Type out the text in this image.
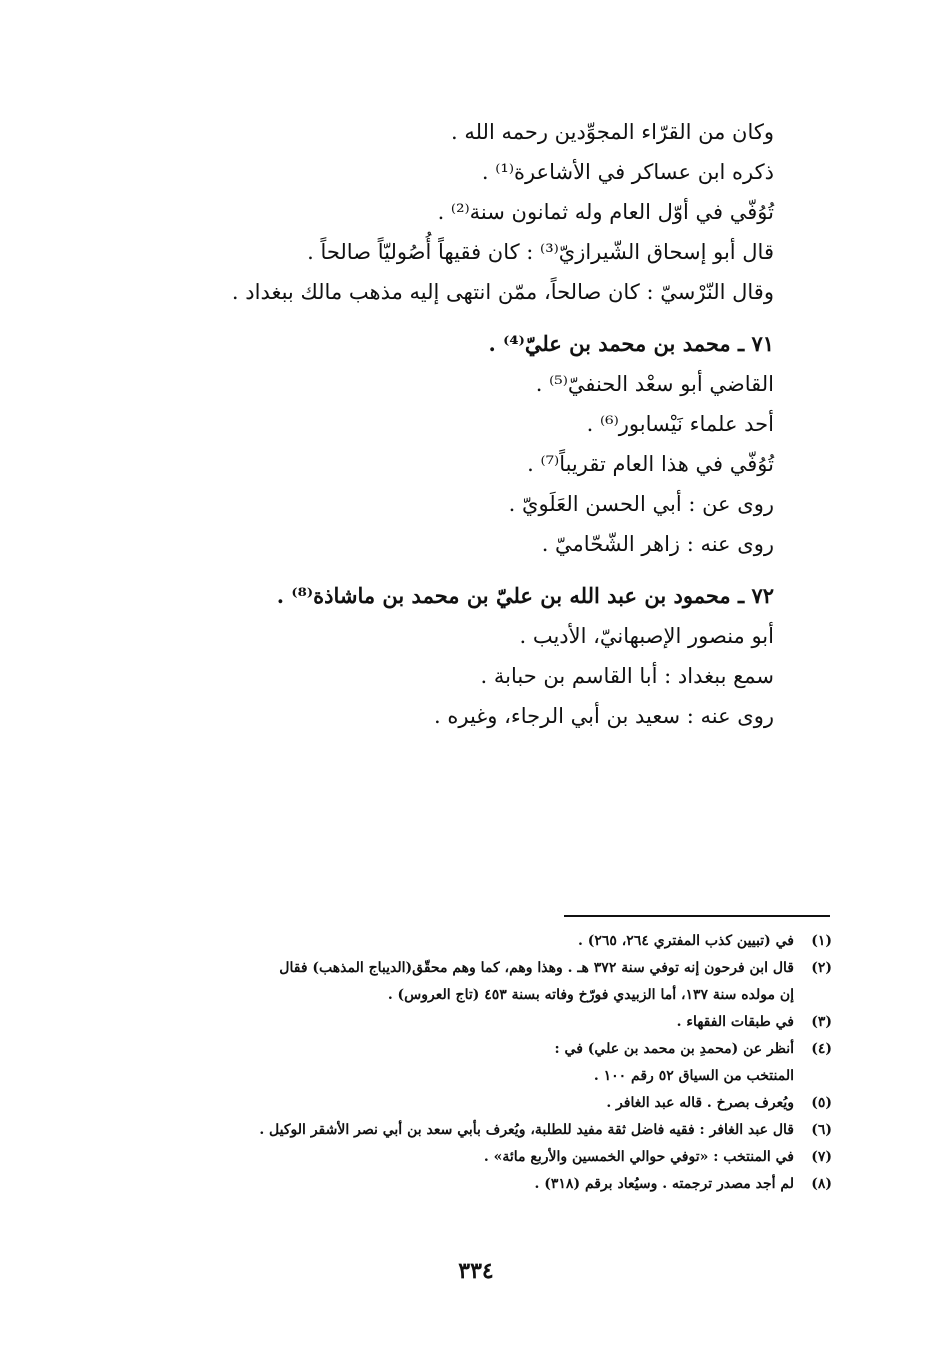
وكان من القرّاء المجوِّدين رحمه الله .
ذكره ابن عساكر في الأشاعرة⁽¹⁾ .
تُوُفّي في أوّل العام وله ثمانون سنة⁽²⁾ .
قال أبو إسحاق الشّيرازيّ⁽³⁾ : كان فقيهاً أُصُوليّاً صالحاً .
وقال النّرْسيّ : كان صالحاً، ممّن انتهى إليه مذهب مالك ببغداد .
٧١ ـ محمد بن محمد بن عليّ⁽⁴⁾ .
القاضي أبو سعْد الحنفيّ⁽⁵⁾ .
أحد علماء نَيْسابور⁽⁶⁾ .
تُوُفّي في هذا العام تقريباً⁽⁷⁾ .
روى عن : أبي الحسن العَلَويّ .
روى عنه : زاهر الشّحّاميّ .
٧٢ ـ محمود بن عبد الله بن عليّ بن محمد بن ماشاذة⁽⁸⁾ .
أبو منصور الإصبهانيّ، الأديب .
سمع ببغداد : أبا القاسم بن حبابة .
روى عنه : سعيد بن أبي الرجاء، وغيره .
(١)
في (تبيين كذب المفتري ٢٦٤، ٢٦٥) .
(٢)
قال ابن فرحون إنه توفي سنة ٣٧٢ هـ . وهذا وهم، كما وهم محقّق(الديباج المذهب) فقال
إن مولده سنة ١٣٧، أما الزبيدي فورّخ وفاته بسنة ٤٥٣ (تاج العروس) .
(٣)
في طبقات الفقهاء .
(٤)
أنظر عن (محمدِ بن محمد بن علي) في :
المنتخب من السياق ٥٢ رقم ١٠٠ .
(٥)
ويُعرف بصرخ . قاله عبد الغافر .
(٦)
قال عبد الغافر : فقيه فاضل ثقة مفيد للطلبة، ويُعرف بأبي سعد بن أبي نصر الأشقر الوكيل .
(٧)
في المنتخب : «توفي حوالي الخمسين والأربع مائة» .
(٨)
لم أجد مصدر ترجمته . وسيُعاد برقم (٣١٨) .
٣٣٤
